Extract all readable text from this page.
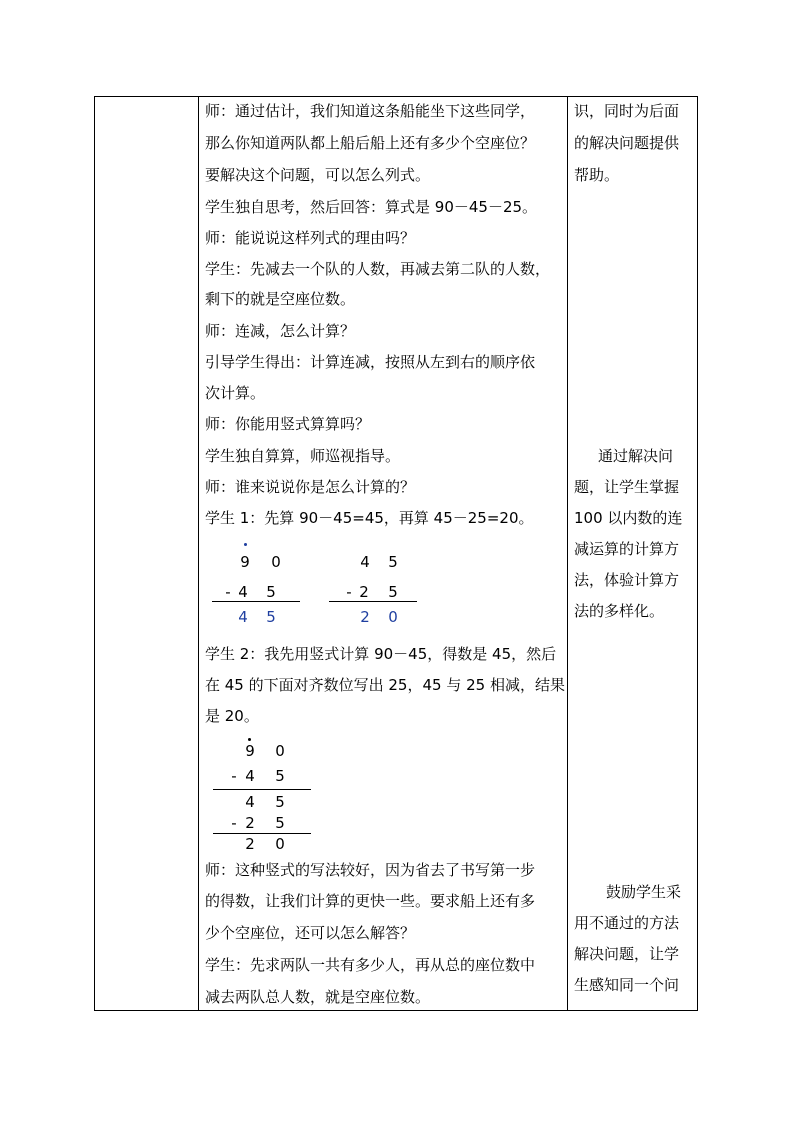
师：通过估计，我们知道这条船能坐下这些同学，
那么你知道两队都上船后船上还有多少个空座位？
要解决这个问题，可以怎么列式。
学生独自思考，然后回答：算式是 90－45－25。
师：能说说这样列式的理由吗？
学生：先减去一个队的人数，再减去第二队的人数，
剩下的就是空座位数。
师：连减，怎么计算？
引导学生得出：计算连减，按照从左到右的顺序依
次计算。
师：你能用竖式算算吗？
学生独自算算，师巡视指导。
师：谁来说说你是怎么计算的？
学生 1：先算 90－45=45，再算 45－25=20。
9 0
- 4 5
4 5
4 5
- 2 5
2 0
学生 2：我先用竖式计算 90－45，得数是 45，然后
在 45 的下面对齐数位写出 25，45 与 25 相减，结果
是 20。
9 0
- 4 5
4 5
- 2 5
2 0
师：这种竖式的写法较好，因为省去了书写第一步
的得数，让我们计算的更快一些。要求船上还有多
少个空座位，还可以怎么解答？
学生：先求两队一共有多少人，再从总的座位数中
减去两队总人数，就是空座位数。
识，同时为后面
的解决问题提供
帮助。
通过解决问
题，让学生掌握
100 以内数的连
减运算的计算方
法，体验计算方
法的多样化。
鼓励学生采
用不通过的方法
解决问题，让学
生感知同一个问
